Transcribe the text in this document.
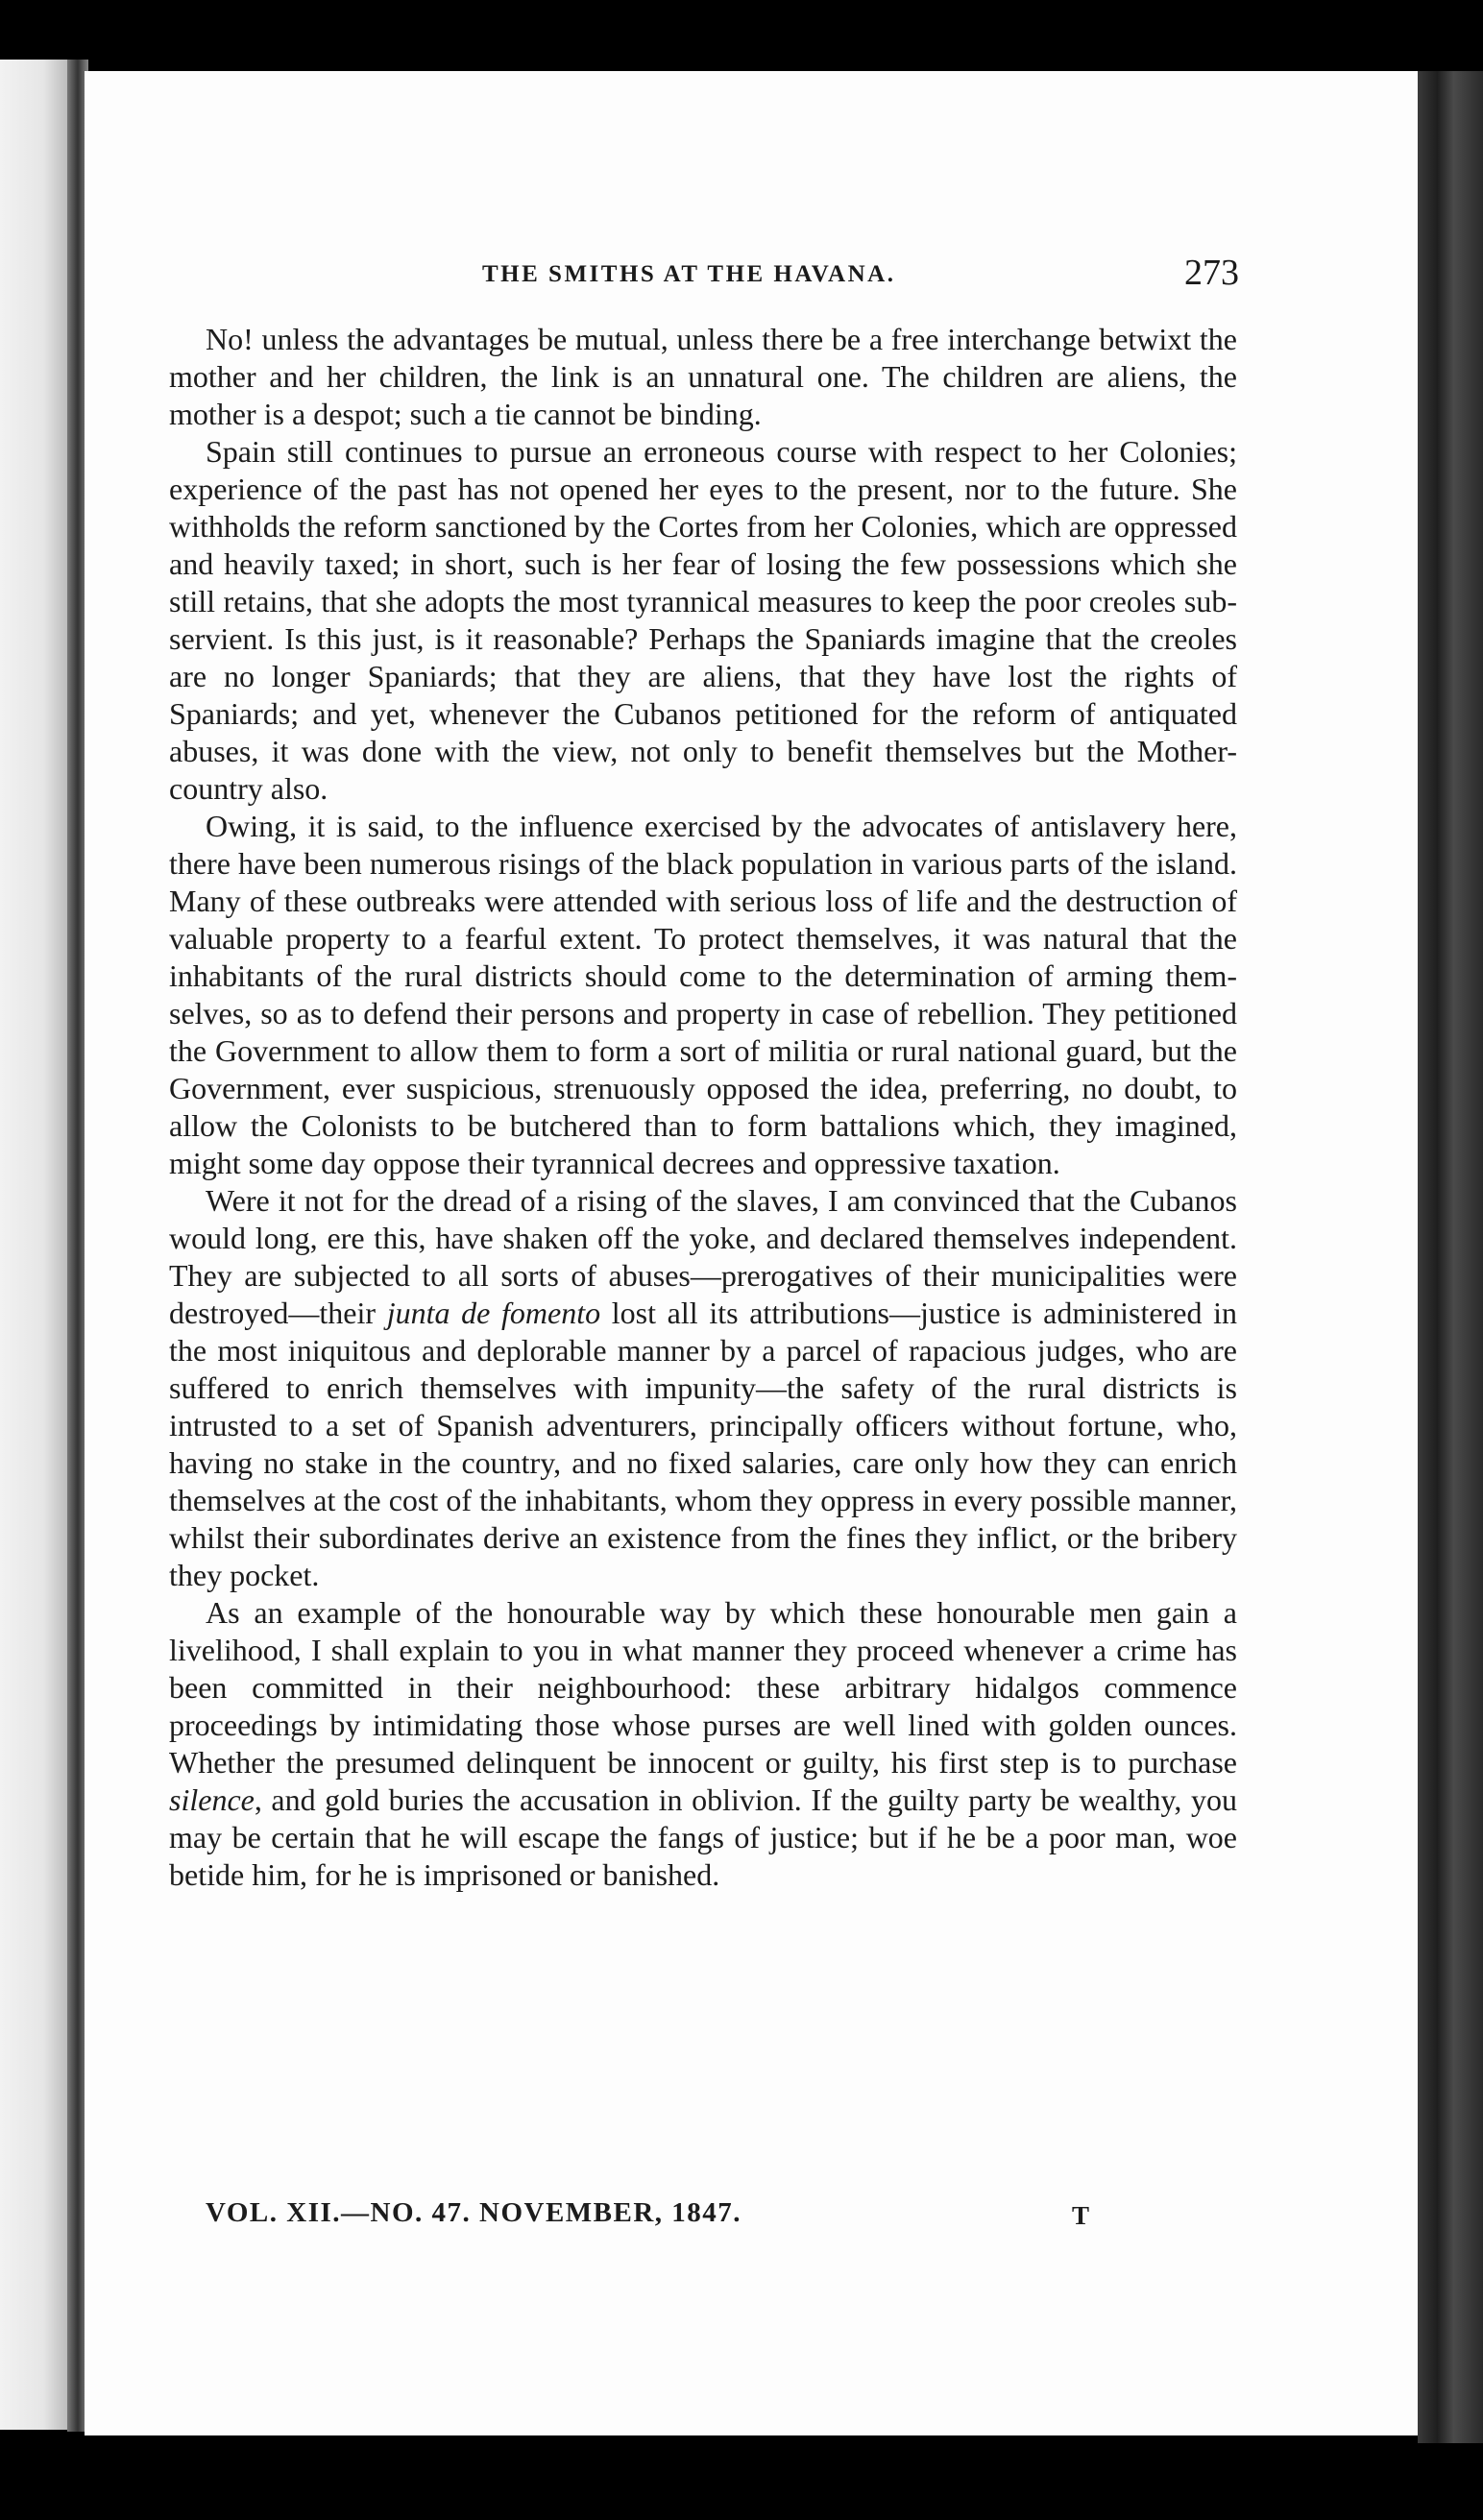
THE SMITHS AT THE HAVANA.	273

No! unless the advantages be mutual, unless there be a free interchange betwixt the mother and her children, the link is an unnatural one. The children are aliens, the mother is a despot; such a tie cannot be binding.

Spain still continues to pursue an erroneous course with respect to her Colonies; experience of the past has not opened her eyes to the present, nor to the future. She withholds the reform sanctioned by the Cortes from her Colonies, which are oppressed and heavily taxed; in short, such is her fear of losing the few possessions which she still retains, that she adopts the most tyrannical measures to keep the poor creoles subservient. Is this just, is it reasonable? Perhaps the Spaniards imagine that the creoles are no longer Spaniards; that they are aliens, that they have lost the rights of Spaniards; and yet, whenever the Cubanos petitioned for the reform of antiquated abuses, it was done with the view, not only to benefit themselves but the Mother-country also.

Owing, it is said, to the influence exercised by the advocates of antislavery here, there have been numerous risings of the black population in various parts of the island. Many of these outbreaks were attended with serious loss of life and the destruction of valuable property to a fearful extent. To protect themselves, it was natural that the inhabitants of the rural districts should come to the determination of arming themselves, so as to defend their persons and property in case of rebellion. They petitioned the Government to allow them to form a sort of militia or rural national guard, but the Government, ever suspicious, strenuously opposed the idea, preferring, no doubt, to allow the Colonists to be butchered than to form battalions which, they imagined, might some day oppose their tyrannical decrees and oppressive taxation.

Were it not for the dread of a rising of the slaves, I am convinced that the Cubanos would long, ere this, have shaken off the yoke, and declared themselves independent. They are subjected to all sorts of abuses—prerogatives of their municipalities were destroyed—their junta de fomento lost all its attributions—justice is administered in the most iniquitous and deplorable manner by a parcel of rapacious judges, who are suffered to enrich themselves with impunity—the safety of the rural districts is intrusted to a set of Spanish adventurers, principally officers without fortune, who, having no stake in the country, and no fixed salaries, care only how they can enrich themselves at the cost of the inhabitants, whom they oppress in every possible manner, whilst their subordinates derive an existence from the fines they inflict, or the bribery they pocket.

As an example of the honourable way by which these honourable men gain a livelihood, I shall explain to you in what manner they proceed whenever a crime has been committed in their neighbourhood: these arbitrary hidalgos commence proceedings by intimidating those whose purses are well lined with golden ounces. Whether the presumed delinquent be innocent or guilty, his first step is to purchase silence, and gold buries the accusation in oblivion. If the guilty party be wealthy, you may be certain that he will escape the fangs of justice; but if he be a poor man, woe betide him, for he is imprisoned or banished.

VOL. XII.—NO. 47. NOVEMBER, 1847.	T
